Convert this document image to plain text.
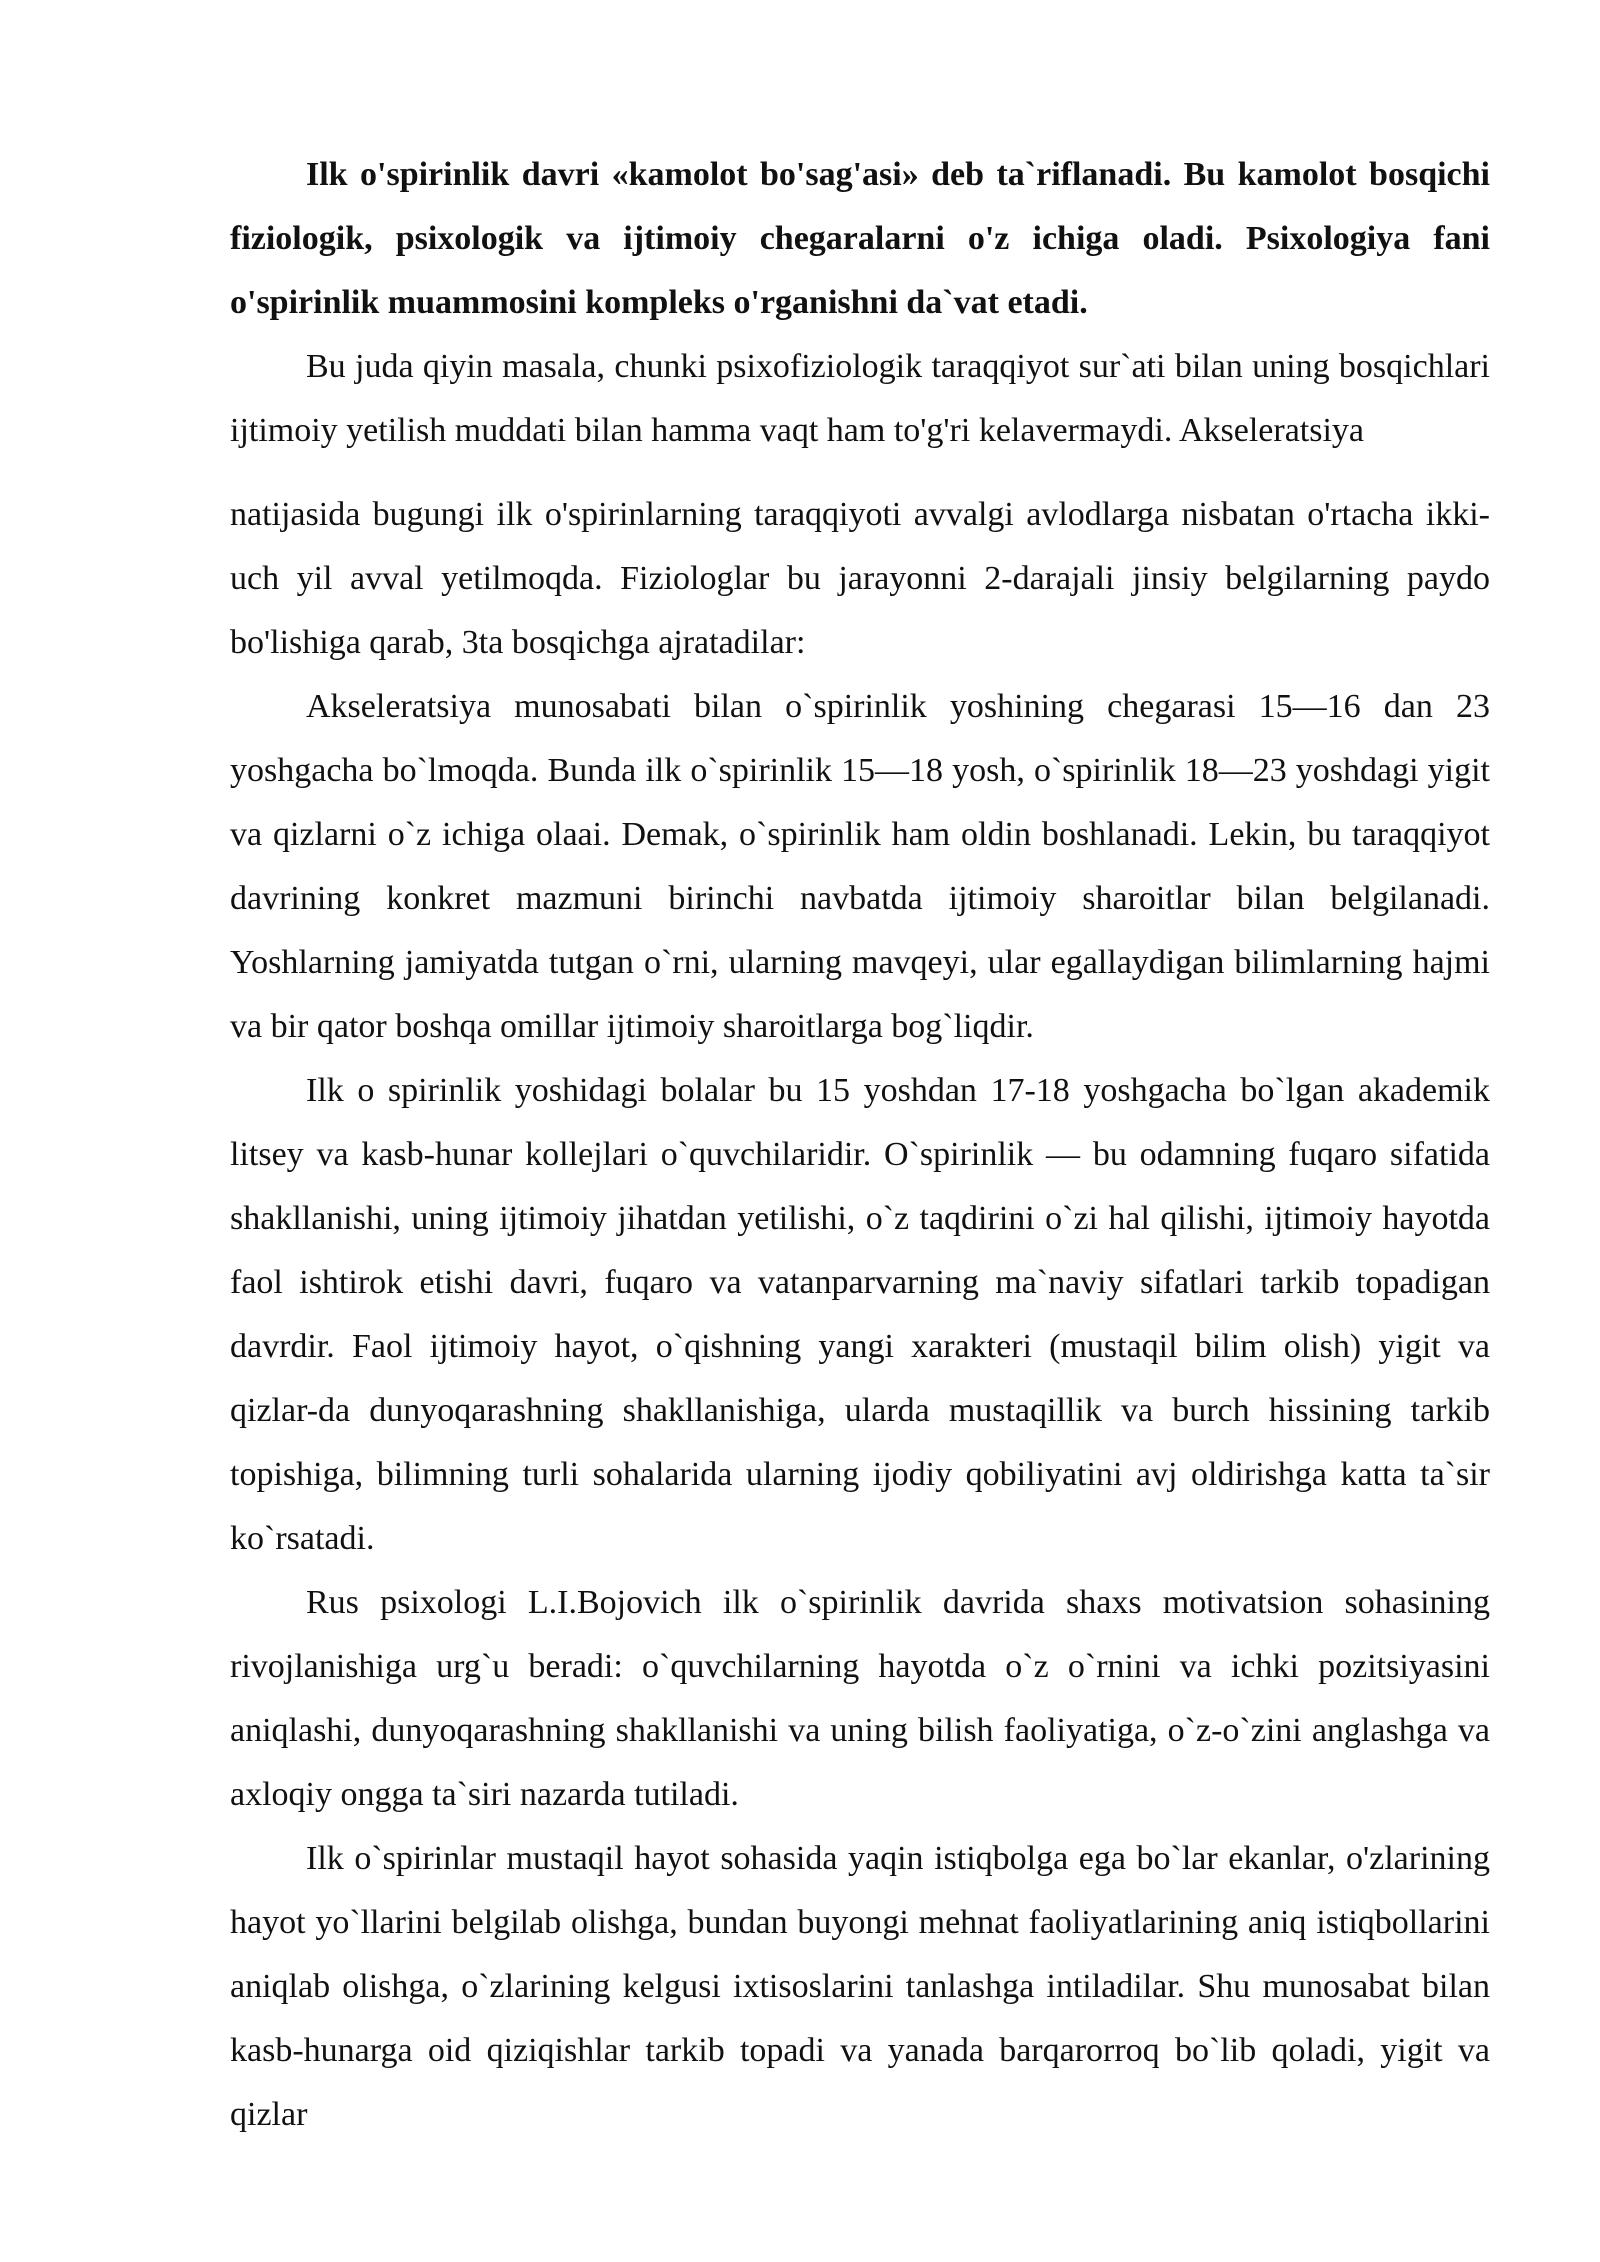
Ilk o'spirinlik davri «kamolot bo'sag'asi» deb ta`riflanadi. Bu kamolot bosqichi fiziologik, psixologik va ijtimoiy chegaralarni o'z ichiga oladi. Psixologiya fani o'spirinlik muammosini kompleks o'rganishni da`vat etadi.

Bu juda qiyin masala, chunki psixofiziologik taraqqiyot sur`ati bilan uning bosqichlari ijtimoiy yetilish muddati bilan hamma vaqt ham to'g'ri kelavermaydi. Akseleratsiya

natijasida bugungi ilk o'spirinlarning taraqqiyoti avvalgi avlodlarga nisbatan o'rtacha ikki-uch yil avval yetilmoqda. Fiziologlar bu jarayonni 2-darajali jinsiy belgilarning paydo bo'lishiga qarab, 3ta bosqichga ajratadilar:

Akseleratsiya munosabati bilan o`spirinlik yoshining chegarasi 15—16 dan 23 yoshgacha bo`lmoqda. Bunda ilk o`spirinlik 15—18 yosh, o`spirinlik 18—23 yoshdagi yigit va qizlarni o`z ichiga olaai. Demak, o`spirinlik ham oldin boshlanadi. Lekin, bu taraqqiyot davrining konkret mazmuni birinchi navbatda ijtimoiy sharoitlar bilan belgilanadi. Yoshlarning jamiyatda tutgan o`rni, ularning mavqeyi, ular egallaydigan bilimlarning hajmi va bir qator boshqa omillar ijtimoiy sharoitlarga bog`liqdir.

Ilk o spirinlik yoshidagi bolalar bu 15 yoshdan 17-18 yoshgacha bo`lgan akademik litsey va kasb-hunar kollejlari o`quvchilaridir. O`spirinlik — bu odamning fuqaro sifatida shakllanishi, uning ijtimoiy jihatdan yetilishi, o`z taqdirini o`zi hal qilishi, ijtimoiy hayotda faol ishtirok etishi davri, fuqaro va vatanparvarning ma`naviy sifatlari tarkib topadigan davrdir. Faol ijtimoiy hayot, o`qishning yangi xarakteri (mustaqil bilim olish) yigit va qizlar-da dunyoqarashning shakllanishiga, ularda mustaqillik va burch hissining tarkib topishiga, bilimning turli sohalarida ularning ijodiy qobiliyatini avj oldirishga katta ta`sir ko`rsatadi.

Rus psixologi L.I.Bojovich ilk o`spirinlik davrida shaxs motivatsion sohasining rivojlanishiga urg`u beradi: o`quvchilarning hayotda o`z o`rnini va ichki pozitsiyasini aniqlashi, dunyoqarashning shakllanishi va uning bilish faoliyatiga, o`z-o`zini anglashga va axloqiy ongga ta`siri nazarda tutiladi.

Ilk o`spirinlar mustaqil hayot sohasida yaqin istiqbolga ega bo`lar ekanlar, o'zlarining hayot yo`llarini belgilab olishga, bundan buyongi mehnat faoliyatlarining aniq istiqbollarini aniqlab olishga, o`zlarining kelgusi ixtisoslarini tanlashga intiladilar. Shu munosabat bilan kasb-hunarga oid qiziqishlar tarkib topadi va yanada barqarorroq bo`lib qoladi, yigit va qizlar
